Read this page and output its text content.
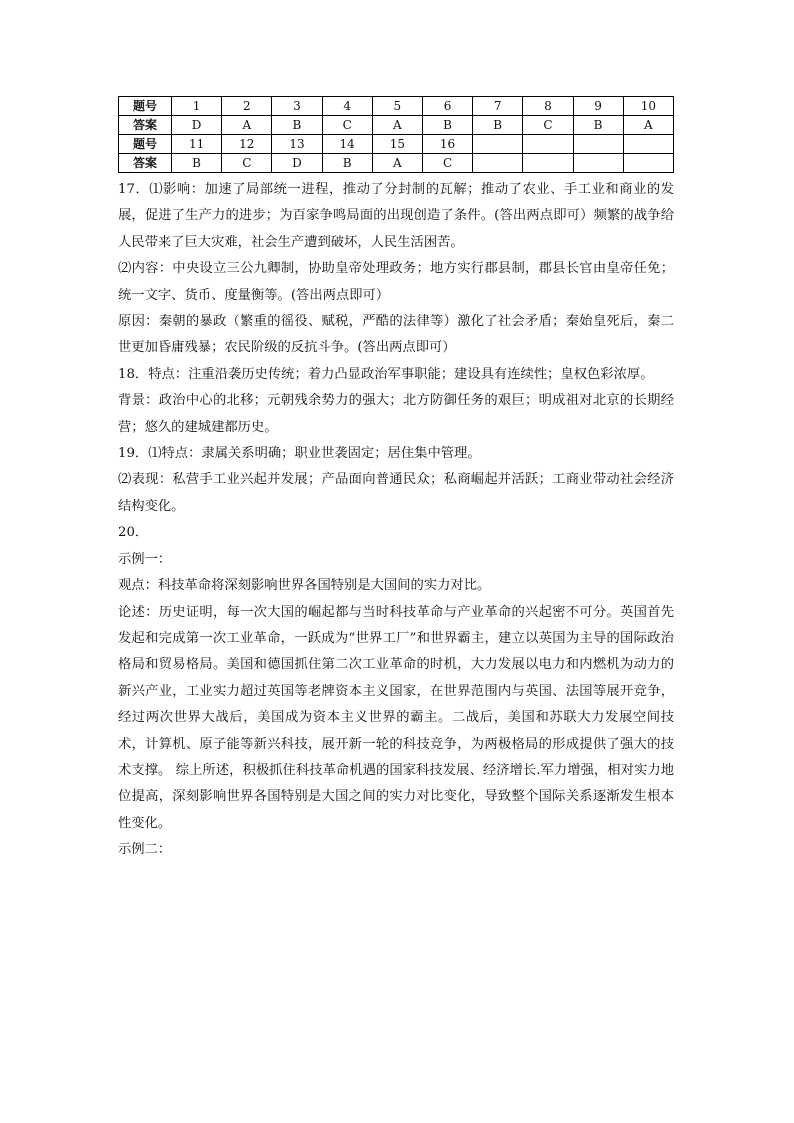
题号	1	2	3	4	5	6	7	8	9	10
答案	D	A	B	C	A	B	B	C	B	A
题号	11	12	13	14	15	16				
答案	B	C	D	B	A	C				

17．⑴影响：加速了局部统一进程，推动了分封制的瓦解；推动了农业、手工业和商业的发展，促进了生产力的进步；为百家争鸣局面的出现创造了条件。(答出两点即可）频繁的战争给人民带来了巨大灾难，社会生产遭到破坏，人民生活困苦。

⑵内容：中央设立三公九卿制，协助皇帝处理政务；地方实行郡县制，郡县长官由皇帝任免；统一文字、货币、度量衡等。(答出两点即可）

原因：秦朝的暴政（繁重的徭役、赋税，严酷的法律等）激化了社会矛盾；秦始皇死后，秦二世更加昏庸残暴；农民阶级的反抗斗争。(答出两点即可）

18．特点：注重沿袭历史传统；着力凸显政治军事职能；建设具有连续性；皇权色彩浓厚。

背景：政治中心的北移；元朝残余势力的强大；北方防御任务的艰巨；明成祖对北京的长期经营；悠久的建城建都历史。

19．⑴特点：隶属关系明确；职业世袭固定；居住集中管理。

⑵表现：私营手工业兴起并发展；产品面向普通民众；私商崛起并活跃；工商业带动社会经济结构变化。

20．

示例一：

观点：科技革命将深刻影响世界各国特别是大国间的实力对比。

论述：历史证明，每一次大国的崛起都与当时科技革命与产业革命的兴起密不可分。英国首先发起和完成第一次工业革命，一跃成为“世界工厂”和世界霸主，建立以英国为主导的国际政治格局和贸易格局。美国和德国抓住第二次工业革命的时机，大力发展以电力和内燃机为动力的新兴产业，工业实力超过英国等老牌资本主义国家，在世界范围内与英国、法国等展开竞争，经过两次世界大战后，美国成为资本主义世界的霸主。二战后，美国和苏联大力发展空间技术，计算机、原子能等新兴科技，展开新一轮的科技竞争，为两极格局的形成提供了强大的技术支撑。 综上所述，积极抓住科技革命机遇的国家科技发展、经济增长.军力增强，相对实力地位提高，深刻影响世界各国特别是大国之间的实力对比变化，导致整个国际关系逐渐发生根本性变化。

示例二：
